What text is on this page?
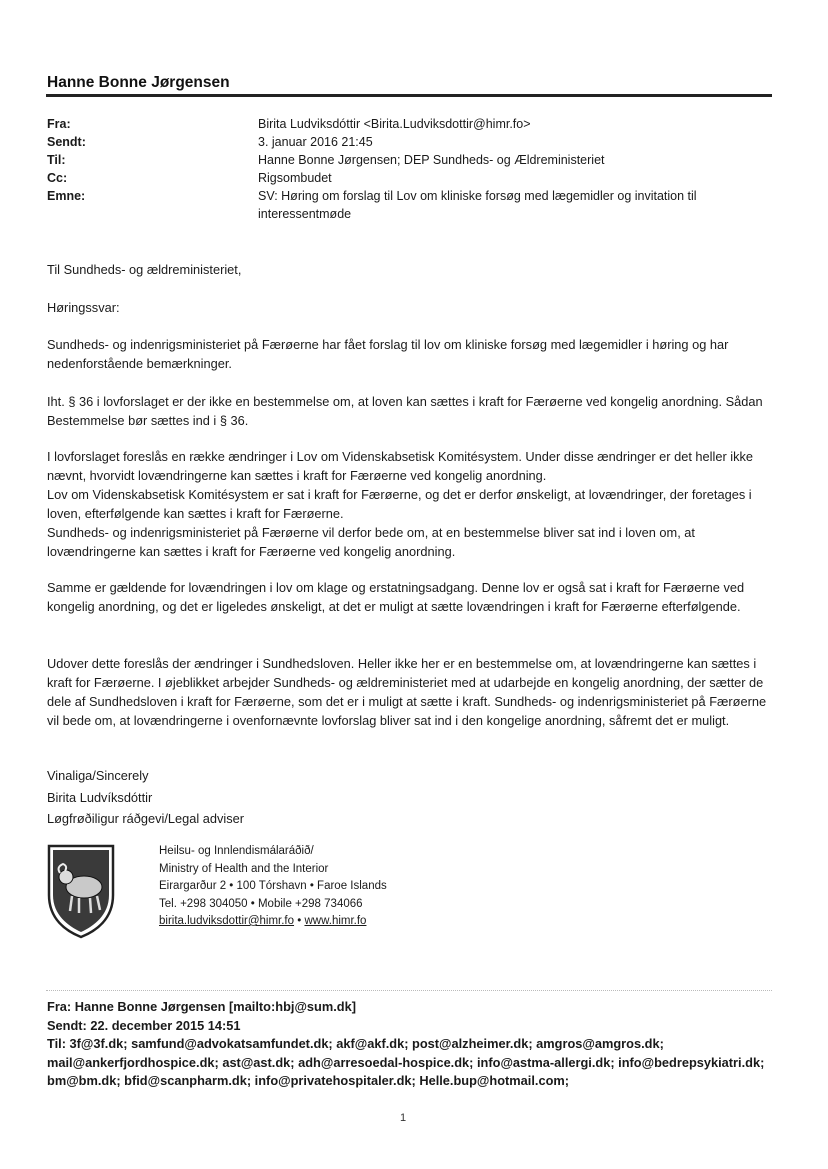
Hanne Bonne Jørgensen
Fra:	Birita Ludviksdóttir <Birita.Ludviksdottir@himr.fo>
Sendt:	3. januar 2016 21:45
Til:	Hanne Bonne Jørgensen; DEP Sundheds- og Ældreministeriet
Cc:	Rigsombudet
Emne:	SV: Høring om forslag til Lov om kliniske forsøg med lægemidler og invitation til interessentmøde

Til Sundheds- og ældreministeriet,

Høringssvar:

Sundheds- og indenrigsministeriet på Færøerne har fået forslag til lov om kliniske forsøg med lægemidler i høring og har nedenforstående bemærkninger.

Iht. § 36 i lovforslaget er der ikke en bestemmelse om, at loven kan sættes i kraft for Færøerne ved kongelig anordning. Sådan Bestemmelse bør sættes ind i § 36.

I lovforslaget foreslås en række ændringer i Lov om Videnskabsetisk Komitésystem. Under disse ændringer er det heller ikke nævnt, hvorvidt lovændringerne kan sættes i kraft for Færøerne ved kongelig anordning.

Lov om Videnskabsetisk Komitésystem er sat i kraft for Færøerne, og det er derfor ønskeligt, at lovændringer, der foretages i loven, efterfølgende kan sættes i kraft for Færøerne.

Sundheds- og indenrigsministeriet på Færøerne vil derfor bede om, at en bestemmelse bliver sat ind i loven om, at lovændringerne kan sættes i kraft for Færøerne ved kongelig anordning.

Samme er gældende for lovændringen i lov om klage og erstatningsadgang. Denne lov er også sat i kraft for Færøerne ved kongelig anordning, og det er ligeledes ønskeligt, at det er muligt at sætte lovændringen i kraft for Færøerne efterfølgende.

Udover dette foreslås der ændringer i Sundhedsloven. Heller ikke her er en bestemmelse om, at lovændringerne kan sættes i kraft for Færøerne. I øjeblikket arbejder Sundheds- og ældreministeriet med at udarbejde en kongelig anordning, der sætter de dele af Sundhedsloven i kraft for Færøerne, som det er i muligt at sætte i kraft. Sundheds- og indenrigsministeriet på Færøerne vil bede om, at lovændringerne i ovenfornævnte lovforslag bliver sat ind i den kongelige anordning, såfremt det er muligt.

Vinaliga/Sincerely
Birita Ludvíksdóttir
Løgfrøðiligur ráðgevi/Legal adviser
Heilsu- og Innlendismálaráðið/
Ministry of Health and the Interior
Eirargarður 2 • 100 Tórshavn • Faroe Islands
Tel. +298 304050 • Mobile +298 734066
birita.ludviksdottir@himr.fo • www.himr.fo
Fra: Hanne Bonne Jørgensen [mailto:hbj@sum.dk]
Sendt: 22. december 2015 14:51
Til: 3f@3f.dk; samfund@advokatsamfundet.dk; akf@akf.dk; post@alzheimer.dk; amgros@amgros.dk; mail@ankerfjordhospice.dk; ast@ast.dk; adh@arresoedal-hospice.dk; info@astma-allergi.dk; info@bedrepsykiatri.dk; bm@bm.dk; bfid@scanpharm.dk; info@privatehospitaler.dk; Helle.bup@hotmail.com;
1
